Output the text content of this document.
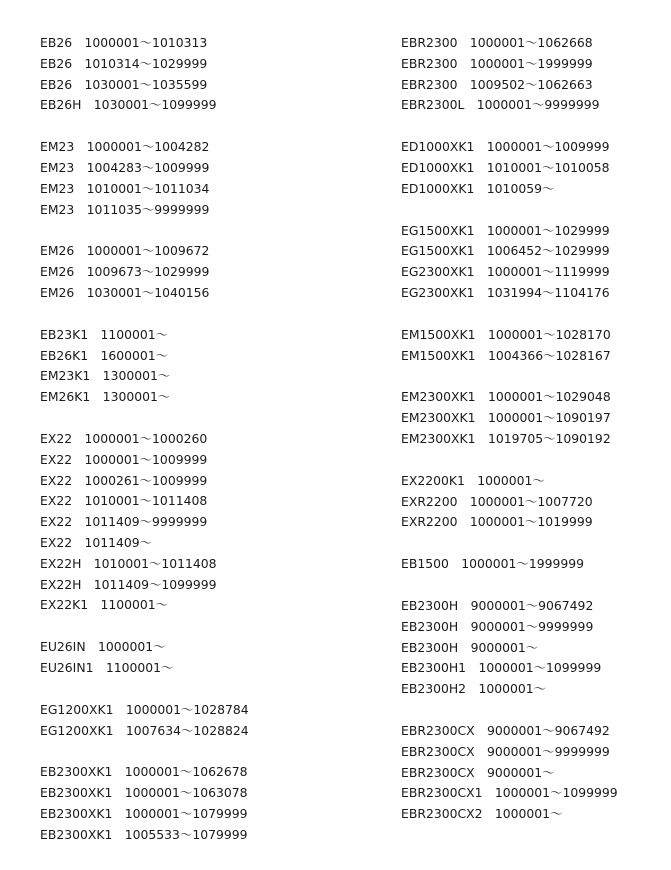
EB26　1000001～1010313
EB26　1010314～1029999
EB26　1030001～1035599
EB26H　1030001～1099999
EM23　1000001～1004282
EM23　1004283～1009999
EM23　1010001～1011034
EM23　1011035～9999999
EM26　1000001～1009672
EM26　1009673～1029999
EM26　1030001～1040156
EB23K1　1100001～
EB26K1　1600001～
EM23K1　1300001～
EM26K1　1300001～
EX22　1000001～1000260
EX22　1000001～1009999
EX22　1000261～1009999
EX22　1010001～1011408
EX22　1011409～9999999
EX22　1011409～
EX22H　1010001～1011408
EX22H　1011409～1099999
EX22K1　1100001～
EU26IN　1000001～
EU26IN1　1100001～
EG1200XK1　1000001～1028784
EG1200XK1　1007634～1028824
EB2300XK1　1000001～1062678
EB2300XK1　1000001～1063078
EB2300XK1　1000001～1079999
EB2300XK1　1005533～1079999
EBR2300　1000001～1062668
EBR2300　1000001～1999999
EBR2300　1009502～1062663
EBR2300L　1000001～9999999
ED1000XK1　1000001～1009999
ED1000XK1　1010001～1010058
ED1000XK1　1010059～
EG1500XK1　1000001～1029999
EG1500XK1　1006452～1029999
EG2300XK1　1000001～1119999
EG2300XK1　1031994～1104176
EM1500XK1　1000001～1028170
EM1500XK1　1004366～1028167
EM2300XK1　1000001～1029048
EM2300XK1　1000001～1090197
EM2300XK1　1019705～1090192
EX2200K1　1000001～
EXR2200　1000001～1007720
EXR2200　1000001～1019999
EB1500　1000001～1999999
EB2300H　9000001～9067492
EB2300H　9000001～9999999
EB2300H　9000001～
EB2300H1　1000001～1099999
EB2300H2　1000001～
EBR2300CX　9000001～9067492
EBR2300CX　9000001～9999999
EBR2300CX　9000001～
EBR2300CX1　1000001～1099999
EBR2300CX2　1000001～
